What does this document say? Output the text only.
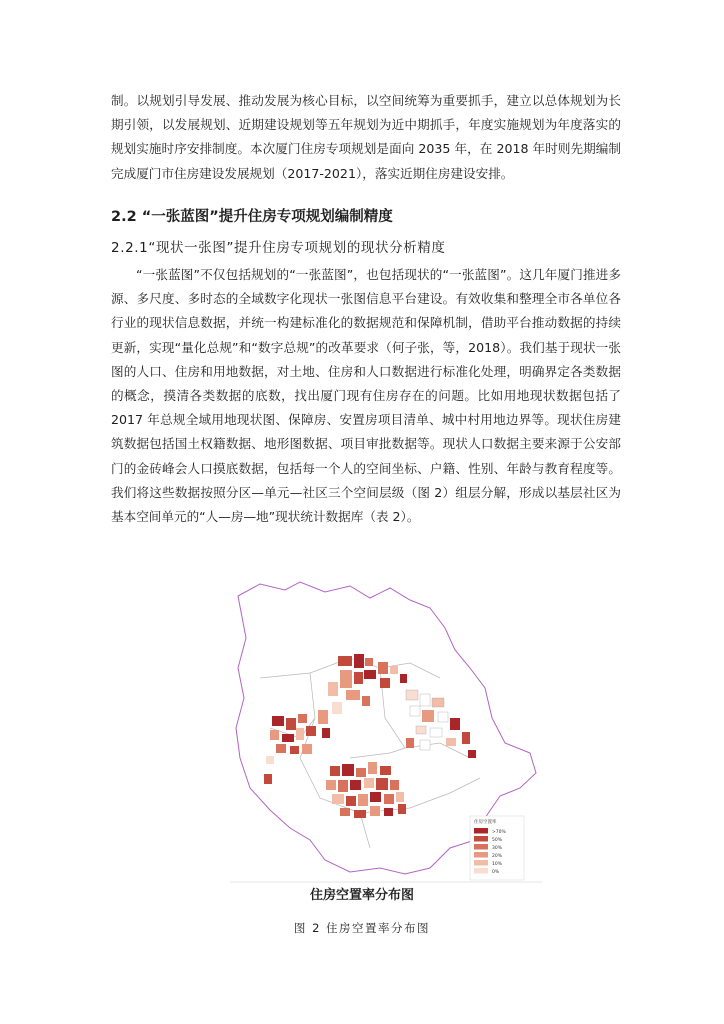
制。以规划引导发展、推动发展为核心目标，以空间统筹为重要抓手，建立以总体规划为长期引领，以发展规划、近期建设规划等五年规划为近中期抓手，年度实施规划为年度落实的规划实施时序安排制度。本次厦门住房专项规划是面向 2035 年，在 2018 年时则先期编制完成厦门市住房建设发展规划（2017-2021），落实近期住房建设安排。

2.2 “一张蓝图”提升住房专项规划编制精度

2.2.1“现状一张图”提升住房专项规划的现状分析精度

“一张蓝图”不仅包括规划的“一张蓝图”，也包括现状的“一张蓝图”。这几年厦门推进多源、多尺度、多时态的全域数字化现状一张图信息平台建设。有效收集和整理全市各单位各行业的现状信息数据，并统一构建标准化的数据规范和保障机制，借助平台推动数据的持续更新，实现“量化总规”和“数字总规”的改革要求（何子张，等，2018）。我们基于现状一张图的人口、住房和用地数据，对土地、住房和人口数据进行标准化处理，明确界定各类数据的概念，摸清各类数据的底数，找出厦门现有住房存在的问题。比如用地现状数据包括了 2017 年总规全域用地现状图、保障房、安置房项目清单、城中村用地边界等。现状住房建筑数据包括国土权籍数据、地形图数据、项目审批数据等。现状人口数据主要来源于公安部门的金砖峰会人口摸底数据，包括每一个人的空间坐标、户籍、性别、年龄与教育程度等。我们将这些数据按照分区—单元—社区三个空间层级（图 2）组层分解，形成以基层社区为基本空间单元的“人—房—地”现状统计数据库（表 2）。

住房空置率
>70%
50%
30%
20%
10%
0%

住房空置率分布图

图 2 住房空置率分布图
